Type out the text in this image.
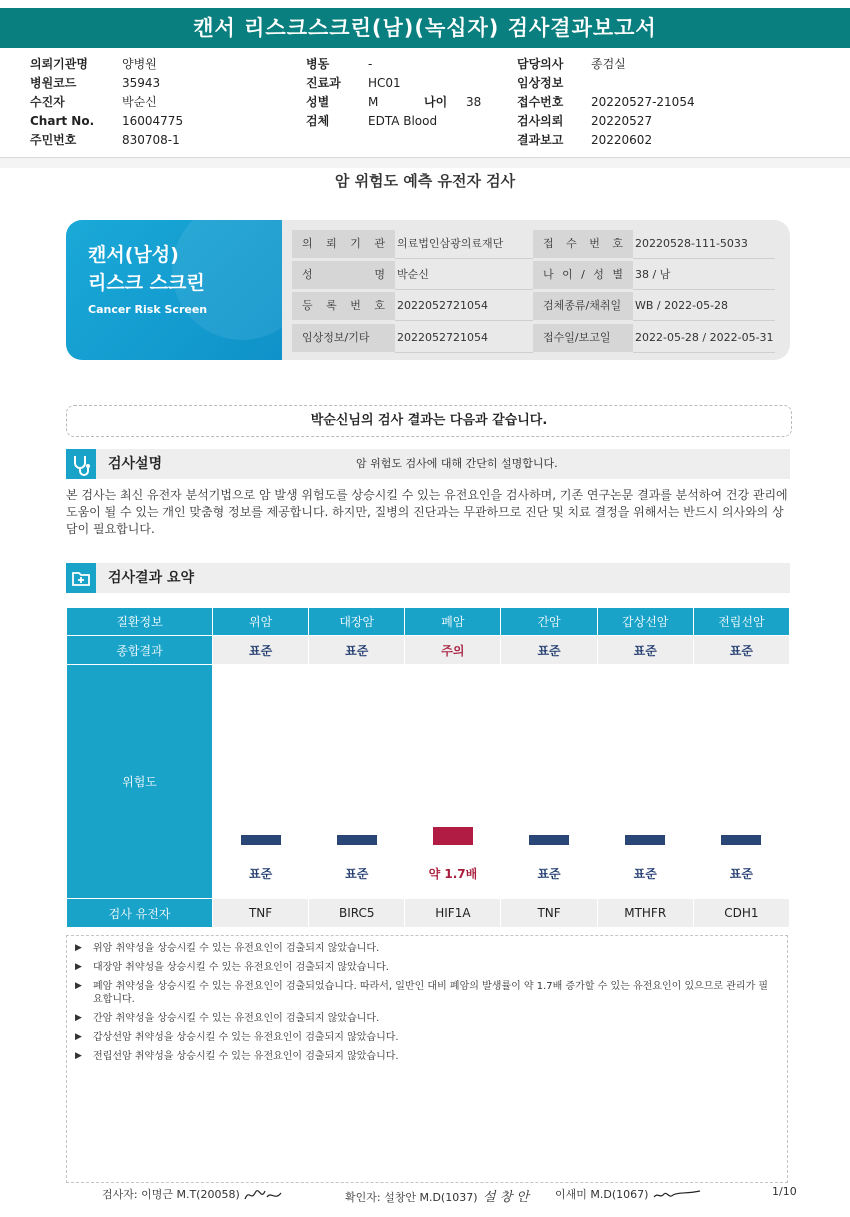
캔서 리스크스크린(남)(녹십자) 검사결과보고서
의뢰기관명	양병원
병원코드	35943
수진자	박순신
Chart No. 16004775
주민번호	830708-1
병동	-
진료과 HC01
성별	M	나이 38
검체	EDTA Blood
담당의사 종검실
임상정보
접수번호 20220527-21054
검사의뢰 20220527
결과보고 20220602
암 위험도 예측 유전자 검사
캔서(남성)
리스크 스크린
Cancer Risk Screen
의 뢰 기 관	의료법인삼광의료재단
성 명	박순신
등 록 번 호	2022052721054
임상정보/기타	2022052721054
접 수 번 호	20220528-111-5033
나 이 / 성 별	38 / 남
검체종류/채취일	WB / 2022-05-28
접수일/보고일	2022-05-28 / 2022-05-31
박순신님의 검사 결과는 다음과 같습니다.
검사설명	암 위험도 검사에 대해 간단히 설명합니다.
본 검사는 최신 유전자 분석기법으로 암 발생 위험도를 상승시킬 수 있는 유전요인을 검사하며, 기존 연구논문 결과를 분석하여 건강 관리에 도움이 될 수 있는 개인 맞춤형 정보를 제공합니다. 하지만, 질병의 진단과는 무관하므로 진단 및 치료 결정을 위해서는 반드시 의사와의 상담이 필요합니다.
검사결과 요약
질환정보	위암	대장암	폐암	간암	갑상선암	전립선암
종합결과	표준	표준	주의	표준	표준	표준
위험도	표준	표준	약 1.7배	표준	표준	표준

검사 유전자	TNF	BIRC5	HIF1A	TNF	MTHFR	CDH1
▶ 위암 취약성을 상승시킬 수 있는 유전요인이 검출되지 않았습니다.
▶ 대장암 취약성을 상승시킬 수 있는 유전요인이 검출되지 않았습니다.
▶ 폐암 취약성을 상승시킬 수 있는 유전요인이 검출되었습니다. 따라서, 일반인 대비 폐암의 발생률이 약 1.7배 증가할 수 있는 유전요인이 있으므로 관리가 필요합니다.
▶ 간암 취약성을 상승시킬 수 있는 유전요인이 검출되지 않았습니다.
▶ 갑상선암 취약성을 상승시킬 수 있는 유전요인이 검출되지 않았습니다.
▶ 전립선암 취약성을 상승시킬 수 있는 유전요인이 검출되지 않았습니다.
검사자: 이명근 M.T(20058)	확인자: 설창안 M.D(1037) 설 창 안 이새미 M.D(1067)	1/10
